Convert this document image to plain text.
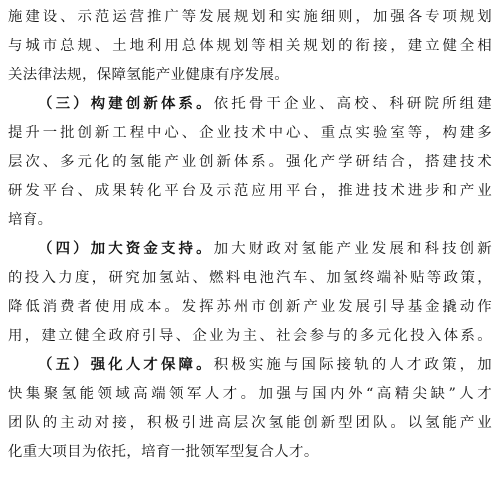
施建设、示范运营推广等发展规划和实施细则，加强各专项规划
与城市总规、土地利用总体规划等相关规划的衔接，建立健全相
关法律法规，保障氢能产业健康有序发展。
（三）构建创新体系。依托骨干企业、高校、科研院所组建
提升一批创新工程中心、企业技术中心、重点实验室等，构建多
层次、多元化的氢能产业创新体系。强化产学研结合，搭建技术
研发平台、成果转化平台及示范应用平台，推进技术进步和产业
培育。
（四）加大资金支持。加大财政对氢能产业发展和科技创新
的投入力度，研究加氢站、燃料电池汽车、加氢终端补贴等政策，
降低消费者使用成本。发挥苏州市创新产业发展引导基金撬动作
用，建立健全政府引导、企业为主、社会参与的多元化投入体系。
（五）强化人才保障。积极实施与国际接轨的人才政策，加
快集聚氢能领域高端领军人才。加强与国内外“高精尖缺”人才
团队的主动对接，积极引进高层次氢能创新型团队。以氢能产业
化重大项目为依托，培育一批领军型复合人才。
